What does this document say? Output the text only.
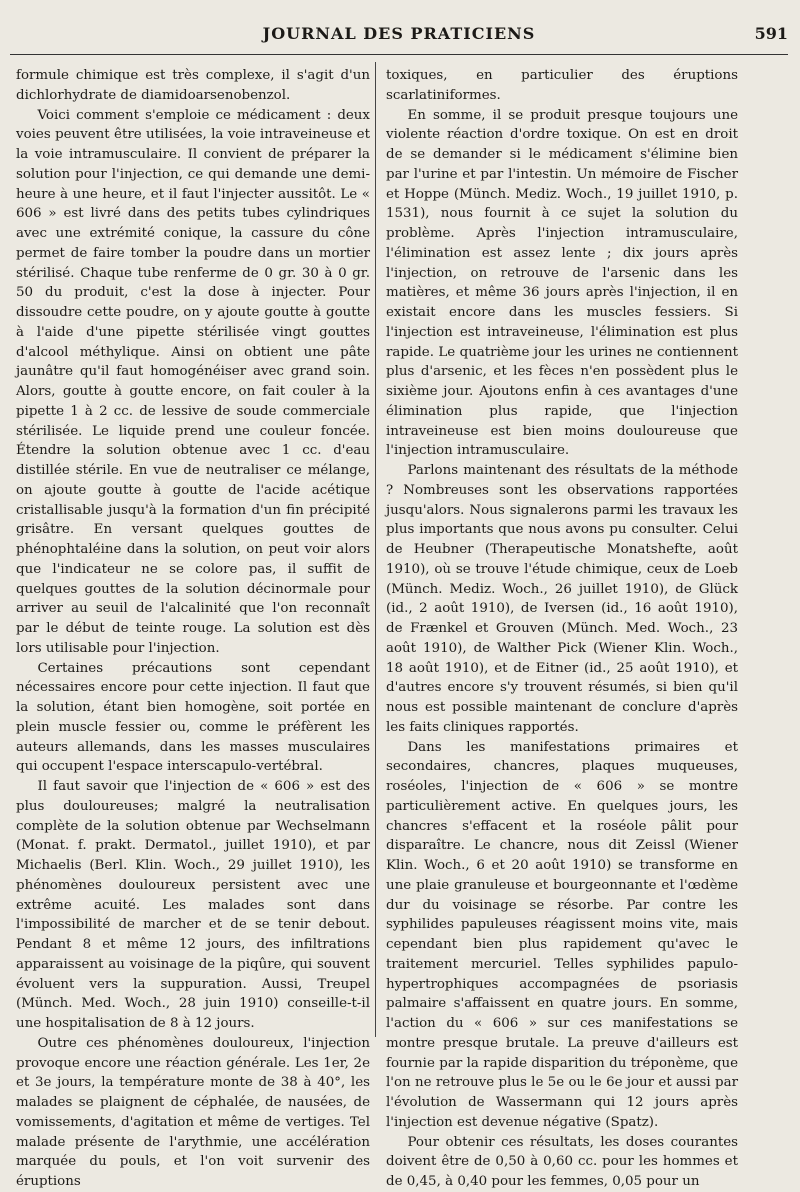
JOURNAL DES PRATICIENS	591

formule chimique est très complexe, il s'agit d'un dichlorhydrate de diamidoarsenobenzol.

Voici comment s'emploie ce médicament : deux voies peuvent être utilisées, la voie intraveineuse et la voie intramusculaire. Il convient de préparer la solution pour l'injection, ce qui demande une demi-heure à une heure, et il faut l'injecter aussitôt. Le « 606 » est livré dans des petits tubes cylindriques avec une extrémité conique, la cassure du cône permet de faire tomber la poudre dans un mortier stérilisé. Chaque tube renferme de 0 gr. 30 à 0 gr. 50 du produit, c'est la dose à injecter. Pour dissoudre cette poudre, on y ajoute goutte à goutte à l'aide d'une pipette stérilisée vingt gouttes d'alcool méthylique. Ainsi on obtient une pâte jaunâtre qu'il faut homogénéiser avec grand soin. Alors, goutte à goutte encore, on fait couler à la pipette 1 à 2 cc. de lessive de soude commerciale stérilisée. Le liquide prend une couleur foncée. Étendre la solution obtenue avec 1 cc. d'eau distillée stérile. En vue de neutraliser ce mélange, on ajoute goutte à goutte de l'acide acétique cristallisable jusqu'à la formation d'un fin précipité grisâtre. En versant quelques gouttes de phénophtaléine dans la solution, on peut voir alors que l'indicateur ne se colore pas, il suffit de quelques gouttes de la solution décinormale pour arriver au seuil de l'alcalinité que l'on reconnaît par le début de teinte rouge. La solution est dès lors utilisable pour l'injection.

Certaines précautions sont cependant nécessaires encore pour cette injection. Il faut que la solution, étant bien homogène, soit portée en plein muscle fessier ou, comme le préfèrent les auteurs allemands, dans les masses musculaires qui occupent l'espace interscapulo-vertébral.

Il faut savoir que l'injection de « 606 » est des plus douloureuses; malgré la neutralisation complète de la solution obtenue par Wechselmann (Monat. f. prakt. Dermatol., juillet 1910), et par Michaelis (Berl. Klin. Woch., 29 juillet 1910), les phénomènes douloureux persistent avec une extrême acuité. Les malades sont dans l'impossibilité de marcher et de se tenir debout. Pendant 8 et même 12 jours, des infiltrations apparaissent au voisinage de la piqûre, qui souvent évoluent vers la suppuration. Aussi, Treupel (Münch. Med. Woch., 28 juin 1910) conseille-t-il une hospitalisation de 8 à 12 jours.

Outre ces phénomènes douloureux, l'injection provoque encore une réaction générale. Les 1er, 2e et 3e jours, la température monte de 38 à 40°, les malades se plaignent de céphalée, de nausées, de vomissements, d'agitation et même de vertiges. Tel malade présente de l'arythmie, une accélération marquée du pouls, et l'on voit survenir des éruptions

toxiques, en particulier des éruptions scarlatiniformes.

En somme, il se produit presque toujours une violente réaction d'ordre toxique. On est en droit de se demander si le médicament s'élimine bien par l'urine et par l'intestin. Un mémoire de Fischer et Hoppe (Münch. Mediz. Woch., 19 juillet 1910, p. 1531), nous fournit à ce sujet la solution du problème. Après l'injection intramusculaire, l'élimination est assez lente ; dix jours après l'injection, on retrouve de l'arsenic dans les matières, et même 36 jours après l'injection, il en existait encore dans les muscles fessiers. Si l'injection est intraveineuse, l'élimination est plus rapide. Le quatrième jour les urines ne contiennent plus d'arsenic, et les fèces n'en possèdent plus le sixième jour. Ajoutons enfin à ces avantages d'une élimination plus rapide, que l'injection intraveineuse est bien moins douloureuse que l'injection intramusculaire.

Parlons maintenant des résultats de la méthode ? Nombreuses sont les observations rapportées jusqu'alors. Nous signalerons parmi les travaux les plus importants que nous avons pu consulter. Celui de Heubner (Therapeutische Monatshefte, août 1910), où se trouve l'étude chimique, ceux de Loeb (Münch. Mediz. Woch., 26 juillet 1910), de Glück (id., 2 août 1910), de Iversen (id., 16 août 1910), de Frænkel et Grouven (Münch. Med. Woch., 23 août 1910), de Walther Pick (Wiener Klin. Woch., 18 août 1910), et de Eitner (id., 25 août 1910), et d'autres encore s'y trouvent résumés, si bien qu'il nous est possible maintenant de conclure d'après les faits cliniques rapportés.

Dans les manifestations primaires et secondaires, chancres, plaques muqueuses, roséoles, l'injection de « 606 » se montre particulièrement active. En quelques jours, les chancres s'effacent et la roséole pâlit pour disparaître. Le chancre, nous dit Zeissl (Wiener Klin. Woch., 6 et 20 août 1910) se transforme en une plaie granuleuse et bourgeonnante et l'œdème dur du voisinage se résorbe. Par contre les syphilides papuleuses réagissent moins vite, mais cependant bien plus rapidement qu'avec le traitement mercuriel. Telles syphilides papulo-hypertrophiques accompagnées de psoriasis palmaire s'affaissent en quatre jours. En somme, l'action du « 606 » sur ces manifestations se montre presque brutale. La preuve d'ailleurs est fournie par la rapide disparition du tréponème, que l'on ne retrouve plus le 5e ou le 6e jour et aussi par l'évolution de Wassermann qui 12 jours après l'injection est devenue négative (Spatz).

Pour obtenir ces résultats, les doses courantes doivent être de 0,50 à 0,60 cc. pour les hommes et de 0,45, à 0,40 pour les femmes, 0,05 pour un
